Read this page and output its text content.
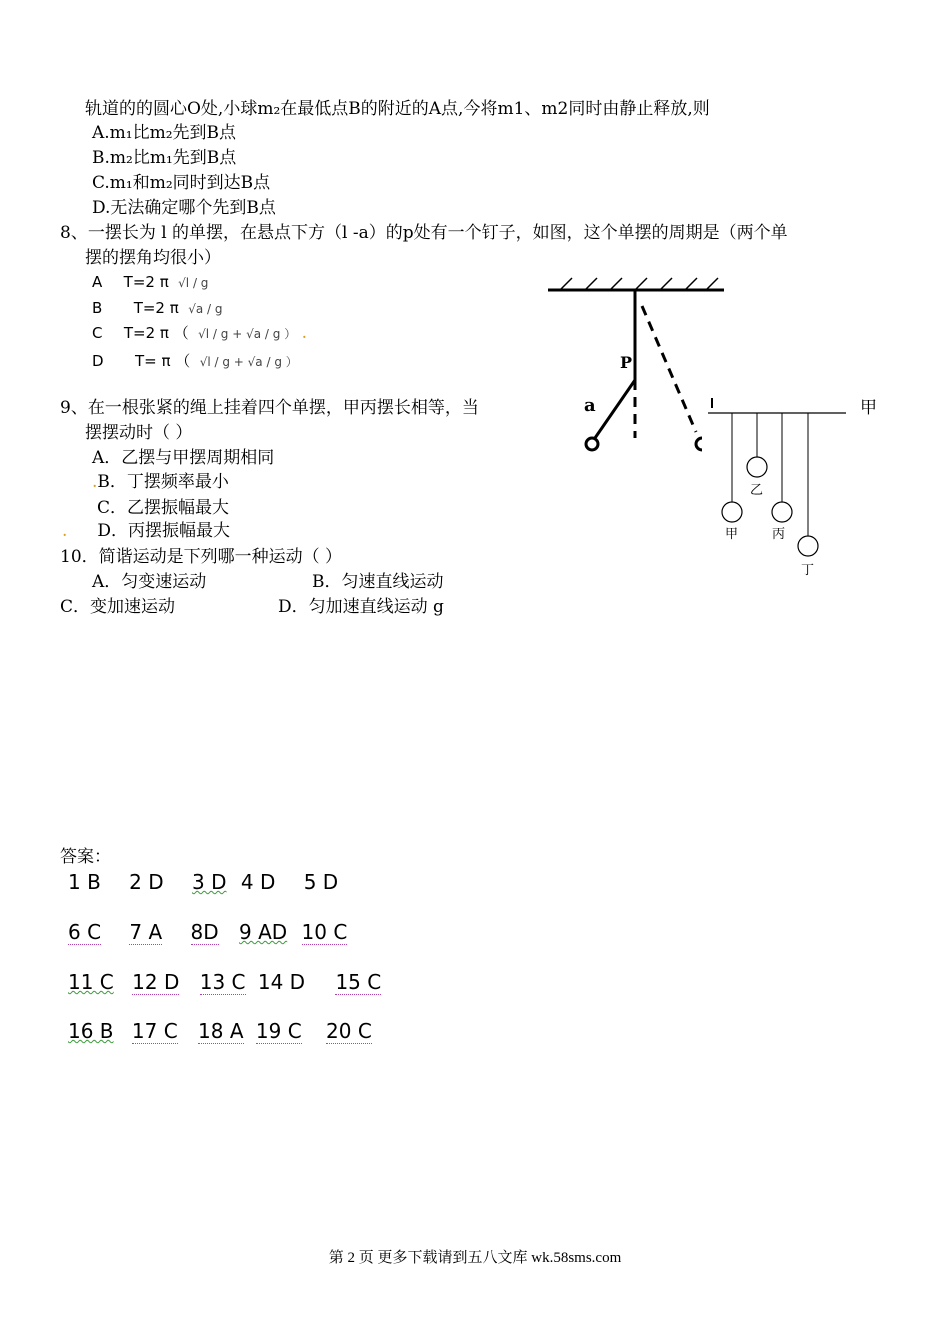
轨道的的圆心O处,小球m₂在最低点B的附近的A点,今将m1、m2同时由静止释放,则
A.m₁比m₂先到B点
B.m₂比m₁先到B点
C.m₁和m₂同时到达B点
D.无法确定哪个先到B点
8、一摆长为 l 的单摆，在悬点下方（l -a）的p处有一个钉子，如图，这个单摆的周期是（两个单
摆的摆角均很小）
A T=2 π √l / g
B T=2 π √a / g
C T=2 π （ √l / g + √a / g ） .
D T= π （ √l / g + √a / g ）
9、在一根张紧的绳上挂着四个单摆，甲丙摆长相等，当	甲
摆摆动时（ ）
A．乙摆与甲摆周期相同
.B．丁摆频率最小
C．乙摆振幅最大
. D．丙摆振幅最大
10．简谐运动是下列哪一种运动（ ）
A．匀变速运动	B．匀速直线运动
C．变加速运动	D．匀加速直线运动 g
P
a
乙
甲	丙
丁
答案：
1 B 2 D 3 D 4 D 5 D
6 C 7 A 8D 9 AD 10 C
11 C 12 D 13 C 14 D 15 C
16 B 17 C 18 A 19 C 20 C
第 2 页 更多下载请到五八文库 wk.58sms.com
